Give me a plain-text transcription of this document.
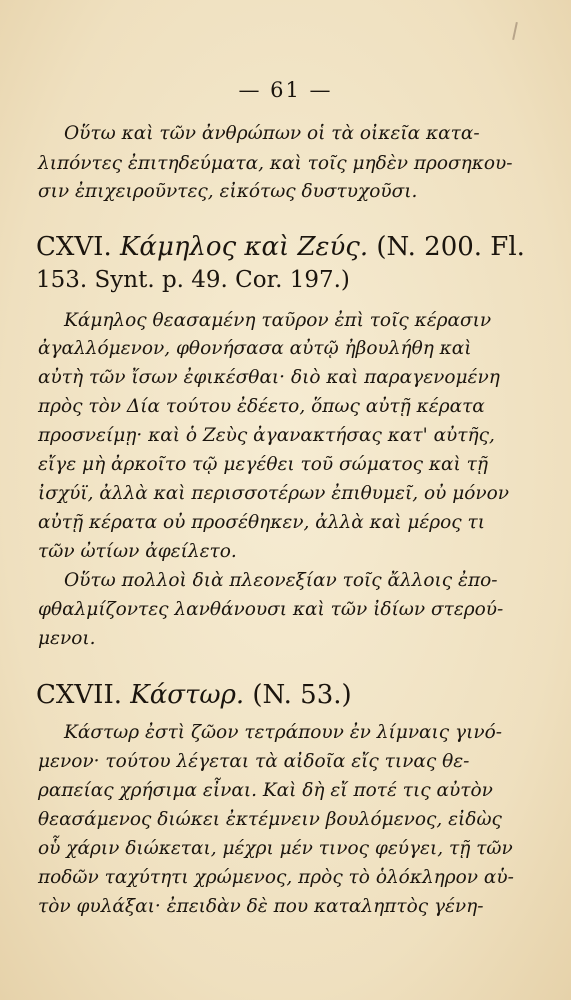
— 61 —
Οὕτω καὶ τῶν ἀνθρώπων οἱ τὰ οἰκεῖα κατα-
λιπόντες ἐπιτηδεύματα, καὶ τοῖς μηδὲν προσηκου-
σιν ἐπιχειροῦντες, εἰκότως δυστυχοῦσι.
CXVI. Κάμηλος καὶ Ζεύς. (N. 200. Fl.
153. Synt. p. 49. Cor. 197.)
Κάμηλος θεασαμένη ταῦρον ἐπὶ τοῖς κέρασιν
ἀγαλλόμενον, φθονήσασα αὐτῷ ἠβουλήθη καὶ
αὐτὴ τῶν ἴσων ἐφικέσθαι· διὸ καὶ παραγενομένη
πρὸς τὸν Δία τούτου ἐδέετο, ὅπως αὐτῇ κέρατα
προσνείμῃ· καὶ ὁ Ζεὺς ἀγανακτήσας κατ' αὐτῆς,
εἴγε μὴ ἀρκοῖτο τῷ μεγέθει τοῦ σώματος καὶ τῇ
ἰσχύϊ, ἀλλὰ καὶ περισσοτέρων ἐπιθυμεῖ, οὐ μόνον
αὐτῇ κέρατα οὐ προσέθηκεν, ἀλλὰ καὶ μέρος τι
τῶν ὠτίων ἀφείλετο.
Οὕτω πολλοὶ διὰ πλεονεξίαν τοῖς ἄλλοις ἐπο-
φθαλμίζοντες λανθάνουσι καὶ τῶν ἰδίων στερού-
μενοι.
CXVII. Κάστωρ. (N. 53.)
Κάστωρ ἐστὶ ζῶον τετράπουν ἐν λίμναις γινό-
μενον· τούτου λέγεται τὰ αἰδοῖα εἴς τινας θε-
ραπείας χρήσιμα εἶναι. Καὶ δὴ εἴ ποτέ τις αὐτὸν
θεασάμενος διώκει ἐκτέμνειν βουλόμενος, εἰδὼς
οὗ χάριν διώκεται, μέχρι μέν τινος φεύγει, τῇ τῶν
ποδῶν ταχύτητι χρώμενος, πρὸς τὸ ὁλόκληρον αὑ-
τὸν φυλάξαι· ἐπειδὰν δὲ που καταληπτὸς γένη-
